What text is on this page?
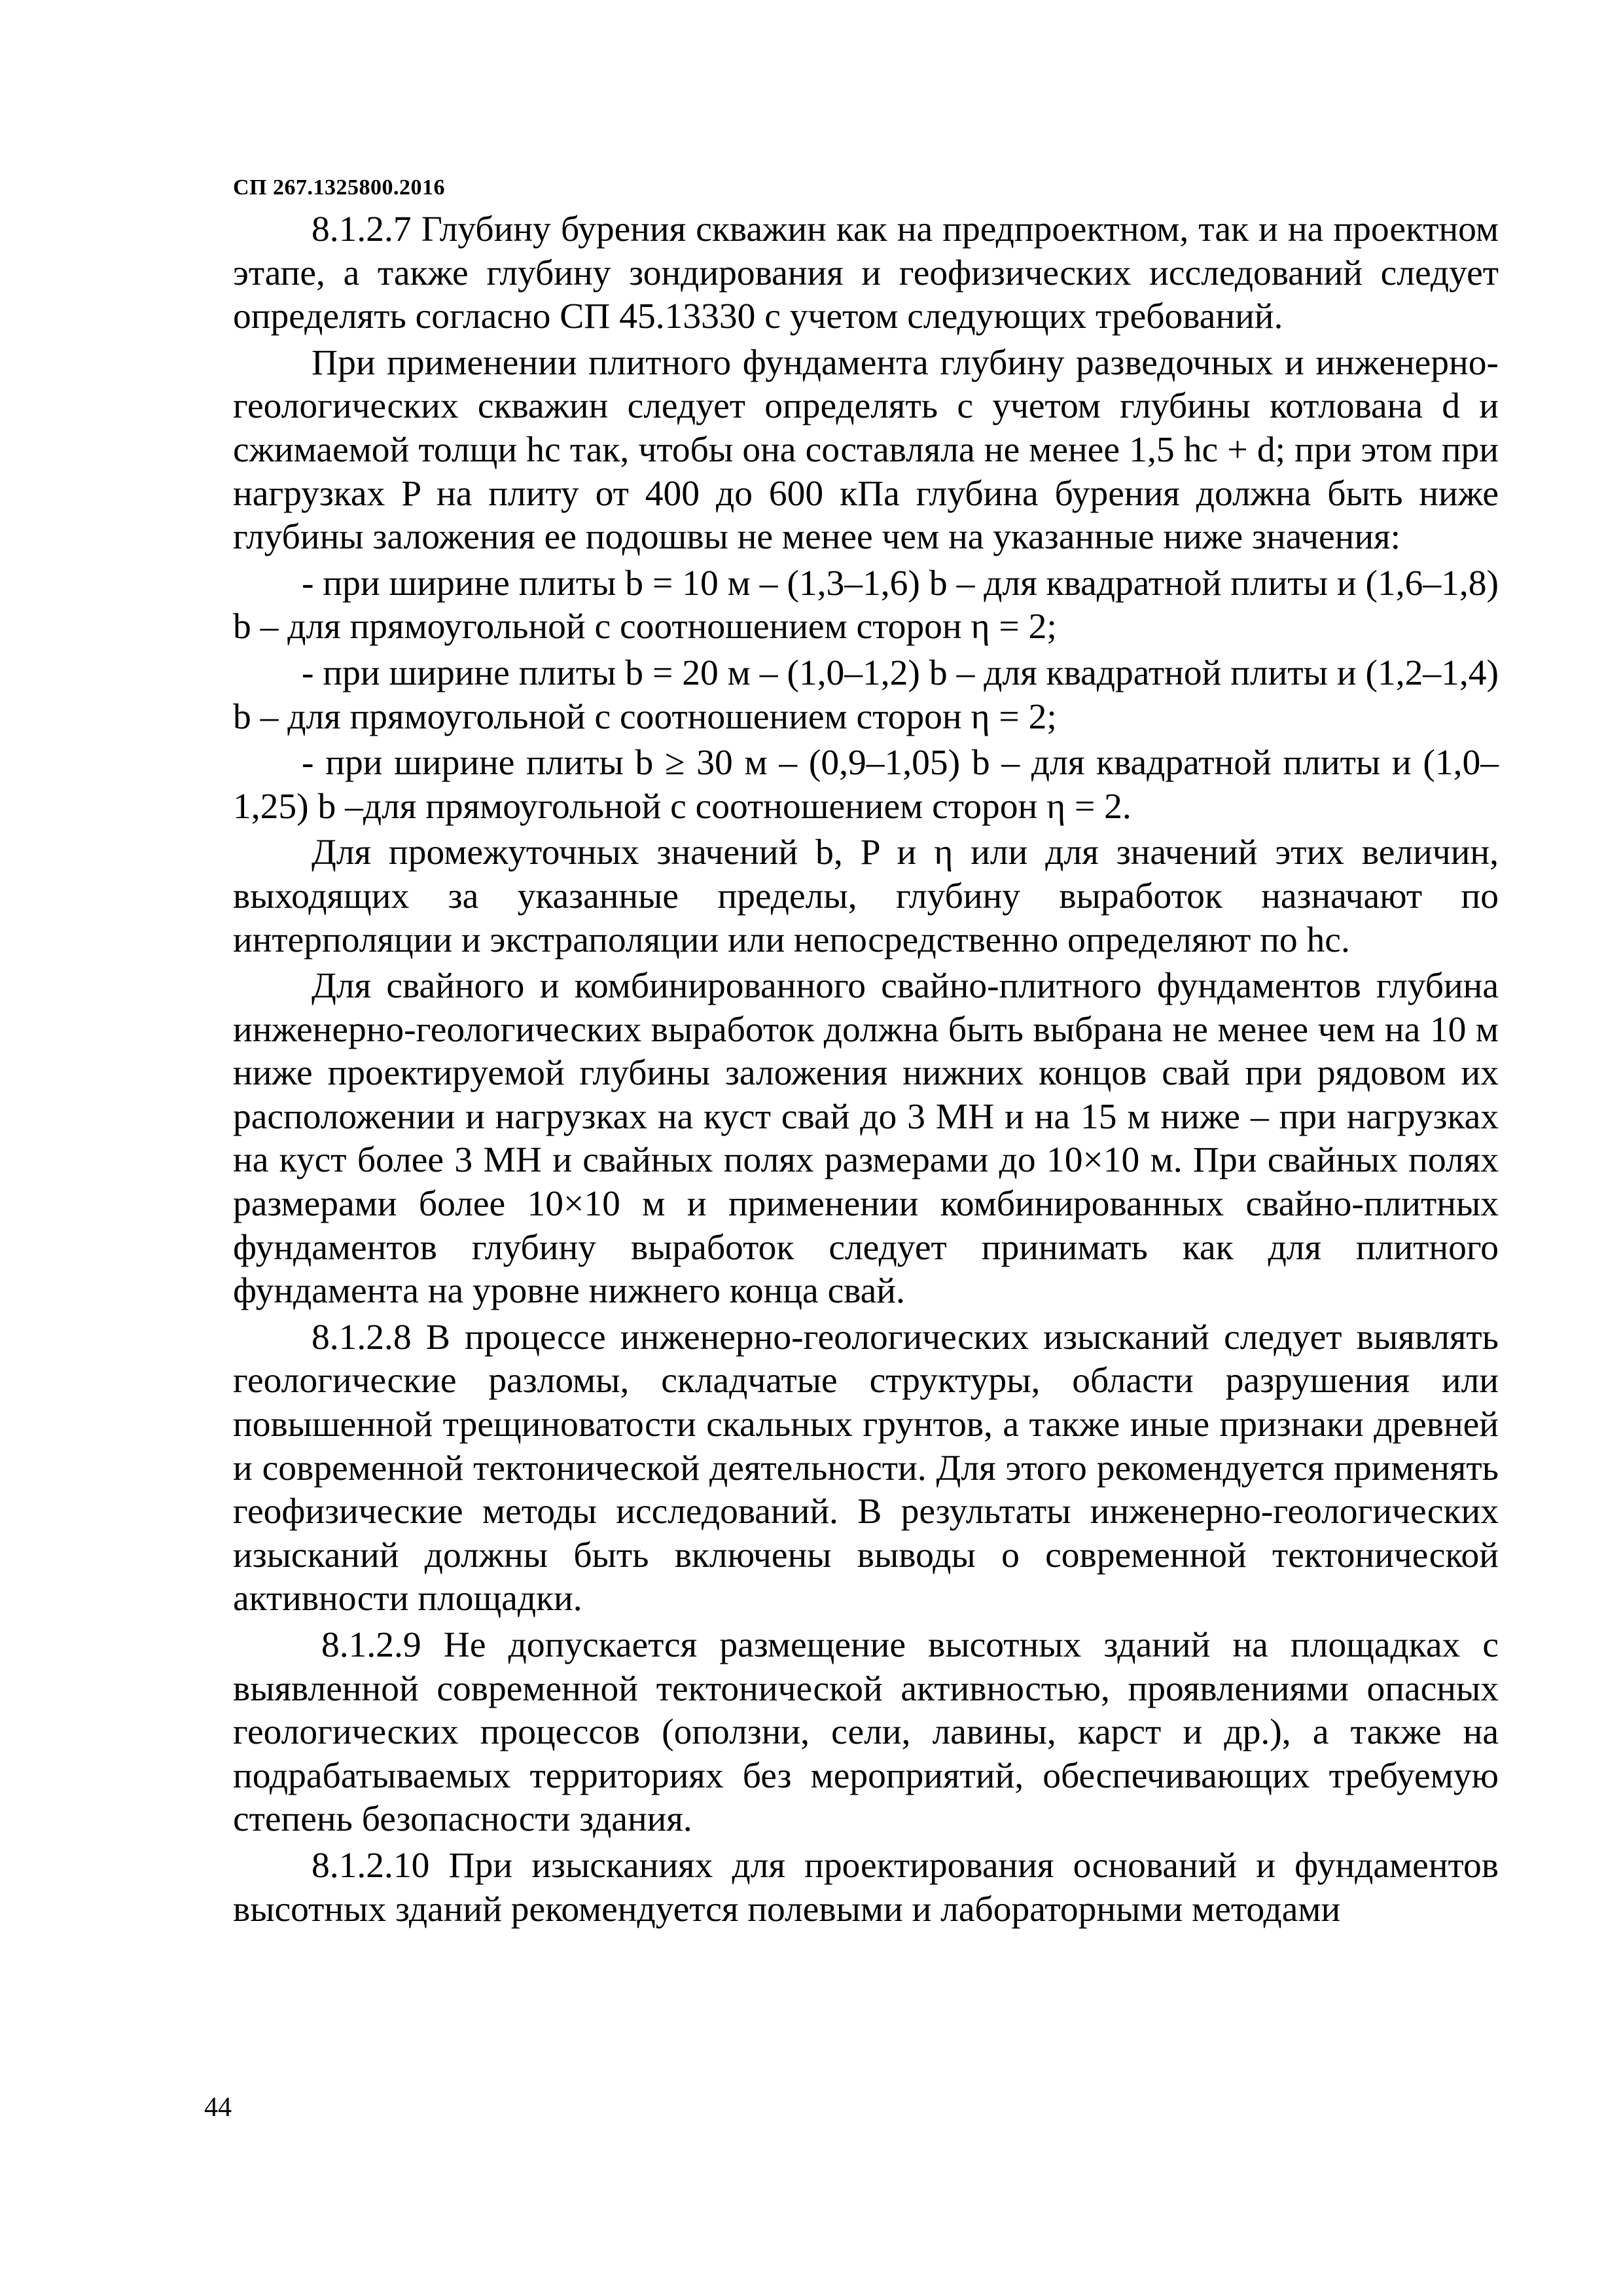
СП 267.1325800.2016

8.1.2.7 Глубину бурения скважин как на предпроектном, так и на проектном этапе, а также глубину зондирования и геофизических исследований следует определять согласно СП 45.13330 с учетом следующих требований.

При применении плитного фундамента глубину разведочных и инженерно-геологических скважин следует определять с учетом глубины котлована d и сжимаемой толщи hc так, чтобы она составляла не менее 1,5 hc + d; при этом при нагрузках P на плиту от 400 до 600 кПа глубина бурения должна быть ниже глубины заложения ее подошвы не менее чем на указанные ниже значения:

- при ширине плиты b = 10 м – (1,3–1,6) b – для квадратной плиты и (1,6–1,8) b – для прямоугольной с соотношением сторон η = 2;

- при ширине плиты b = 20 м – (1,0–1,2) b – для квадратной плиты и (1,2–1,4) b – для прямоугольной с соотношением сторон η = 2;

- при ширине плиты b ≥ 30 м – (0,9–1,05) b – для квадратной плиты и (1,0–1,25) b –для прямоугольной с соотношением сторон η = 2.

Для промежуточных значений b, P и η или для значений этих величин, выходящих за указанные пределы, глубину выработок назначают по интерполяции и экстраполяции или непосредственно определяют по hc.

Для свайного и комбинированного свайно-плитного фундаментов глубина инженерно-геологических выработок должна быть выбрана не менее чем на 10 м ниже проектируемой глубины заложения нижних концов свай при рядовом их расположении и нагрузках на куст свай до 3 МН и на 15 м ниже – при нагрузках на куст более 3 МН и свайных полях размерами до 10×10 м. При свайных полях размерами более 10×10 м и применении комбинированных свайно-плитных фундаментов глубину выработок следует принимать как для плитного фундамента на уровне нижнего конца свай.

8.1.2.8 В процессе инженерно-геологических изысканий следует выявлять геологические разломы, складчатые структуры, области разрушения или повышенной трещиноватости скальных грунтов, а также иные признаки древней и современной тектонической деятельности. Для этого рекомендуется применять геофизические методы исследований. В результаты инженерно-геологических изысканий должны быть включены выводы о современной тектонической активности площадки.

8.1.2.9 Не допускается размещение высотных зданий на площадках с выявленной современной тектонической активностью, проявлениями опасных геологических процессов (оползни, сели, лавины, карст и др.), а также на подрабатываемых территориях без мероприятий, обеспечивающих требуемую степень безопасности здания.

8.1.2.10 При изысканиях для проектирования оснований и фундаментов высотных зданий рекомендуется полевыми и лабораторными методами

44
